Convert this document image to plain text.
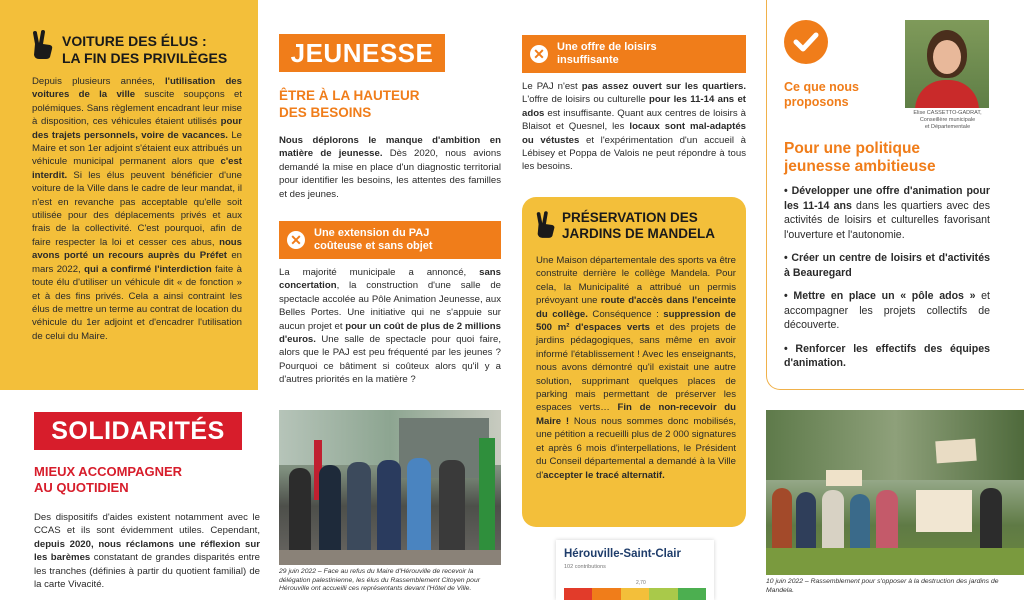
VOITURE DES ÉLUS :
LA FIN DES PRIVILÈGES

Depuis plusieurs années, l'utilisation des voitures de la ville suscite soupçons et polémiques. Sans règlement encadrant leur mise à disposition, ces véhicules étaient utilisés pour des trajets personnels, voire de vacances. Le Maire et son 1er adjoint s'étaient eux attribués un véhicule municipal permanent alors que c'est interdit. Si les élus peuvent bénéficier d'une voiture de la Ville dans le cadre de leur mandat, il n'est en revanche pas acceptable qu'elle soit utilisée pour des déplacements privés et aux frais de la collectivité. C'est pourquoi, afin de faire respecter la loi et cesser ces abus, nous avons porté un recours auprès du Préfet en mars 2022, qui a confirmé l'interdiction faite à toute élu d'utiliser un véhicule dit « de fonction » et à des fins privés. Cela a ainsi contraint les élus de mettre un terme au contrat de location du véhicule du 1er adjoint et d'encadrer l'utilisation de celui du Maire.

SOLIDARITÉS
MIEUX ACCOMPAGNER
AU QUOTIDIEN

Des dispositifs d'aides existent notamment avec le CCAS et ils sont évidemment utiles. Cependant, depuis 2020, nous réclamons une réflexion sur les barèmes constatant de grandes disparités entre les tranches (définies à partir du quotient familial) de la carte Vivacité.

JEUNESSE
ÊTRE À LA HAUTEUR
DES BESOINS

Nous déplorons le manque d'ambition en matière de jeunesse. Dès 2020, nous avions demandé la mise en place d'un diagnostic territorial pour identifier les besoins, les attentes des familles et des jeunes.

✕ Une extension du PAJ
coûteuse et sans objet

La majorité municipale a annoncé, sans concertation, la construction d'une salle de spectacle accolée au Pôle Animation Jeunesse, aux Belles Portes. Une initiative qui ne s'appuie sur aucun projet et pour un coût de plus de 2 millions d'euros. Une salle de spectacle pour quoi faire, alors que le PAJ est peu fréquenté par les jeunes ? Pourquoi ce bâtiment si coûteux alors qu'il y a d'autres priorités en la matière ?

29 juin 2022 – Face au refus du Maire d'Hérouville de recevoir la délégation palestinienne, les élus du Rassemblement Citoyen pour Hérouville ont accueilli ces représentants devant l'Hôtel de Ville.

✕ Une offre de loisirs
insuffisante

Le PAJ n'est pas assez ouvert sur les quartiers. L'offre de loisirs ou culturelle pour les 11-14 ans et ados est insuffisante. Quant aux centres de loisirs à Blaisot et Quesnel, les locaux sont mal-adaptés ou vétustes et l'expérimentation d'un accueil à Lébisey et Poppa de Valois ne peut répondre à tous les besoins.

PRÉSERVATION DES
JARDINS DE MANDELA

Une Maison départementale des sports va être construite derrière le collège Mandela. Pour cela, la Municipalité a attribué un permis prévoyant une route d'accès dans l'enceinte du collège. Conséquence : suppression de 500 m² d'espaces verts et des projets de jardins pédagogiques, sans même en avoir informé l'établissement ! Avec les enseignants, nous avons démontré qu'il existait une autre solution, supprimant quelques places de parking mais permettant de préserver les espaces verts… Fin de non-recevoir du Maire ! Nous nous sommes donc mobilisés, une pétition a recueilli plus de 2 000 signatures et après 6 mois d'interpellations, le Président du Conseil départemental a demandé à la Ville d'accepter le tracé alternatif.

Hérouville-Saint-Clair
102 contributions
2,70
Ce que nous
proposons
Elise CASSETTO-GADRAT,
Conseillère municipale
et Départementale
Pour une politique
jeunesse ambitieuse
• Développer une offre d'animation pour les 11-14 ans dans les quartiers avec des activités de loisirs et culturelles favorisant l'ouverture et l'autonomie.
• Créer un centre de loisirs et d'activités à Beauregard
• Mettre en place un « pôle ados » et accompagner les projets collectifs de découverte.
• Renforcer les effectifs des équipes d'animation.

10 juin 2022 – Rassemblement pour s'opposer à la destruction des jardins de Mandela.
